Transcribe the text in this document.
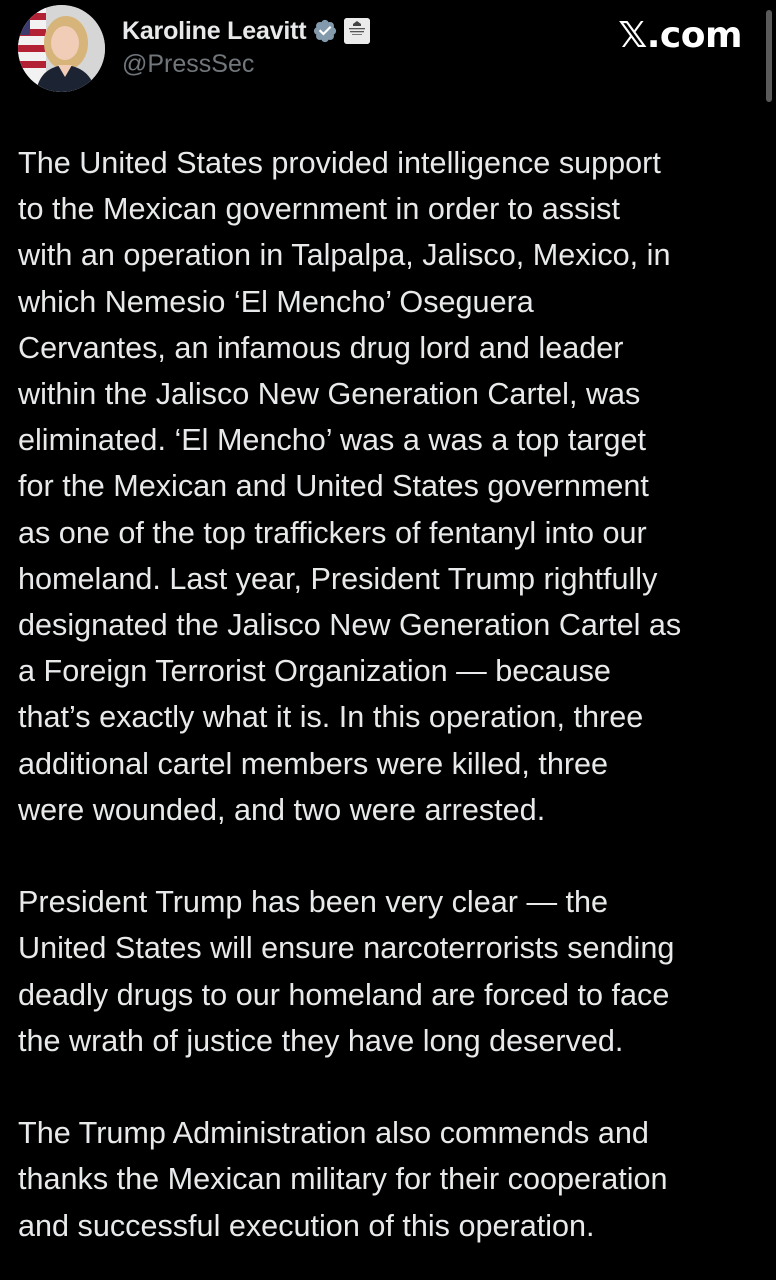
Karoline Leavitt
@PressSec
𝕏.com

The United States provided intelligence support
to the Mexican government in order to assist
with an operation in Talpalpa, Jalisco, Mexico, in
which Nemesio ‘El Mencho’ Oseguera
Cervantes, an infamous drug lord and leader
within the Jalisco New Generation Cartel, was
eliminated. ‘El Mencho’ was a was a top target
for the Mexican and United States government
as one of the top traffickers of fentanyl into our
homeland. Last year, President Trump rightfully
designated the Jalisco New Generation Cartel as
a Foreign Terrorist Organization — because
that’s exactly what it is. In this operation, three
additional cartel members were killed, three
were wounded, and two were arrested.

President Trump has been very clear — the
United States will ensure narcoterrorists sending
deadly drugs to our homeland are forced to face
the wrath of justice they have long deserved.

The Trump Administration also commends and
thanks the Mexican military for their cooperation
and successful execution of this operation.
